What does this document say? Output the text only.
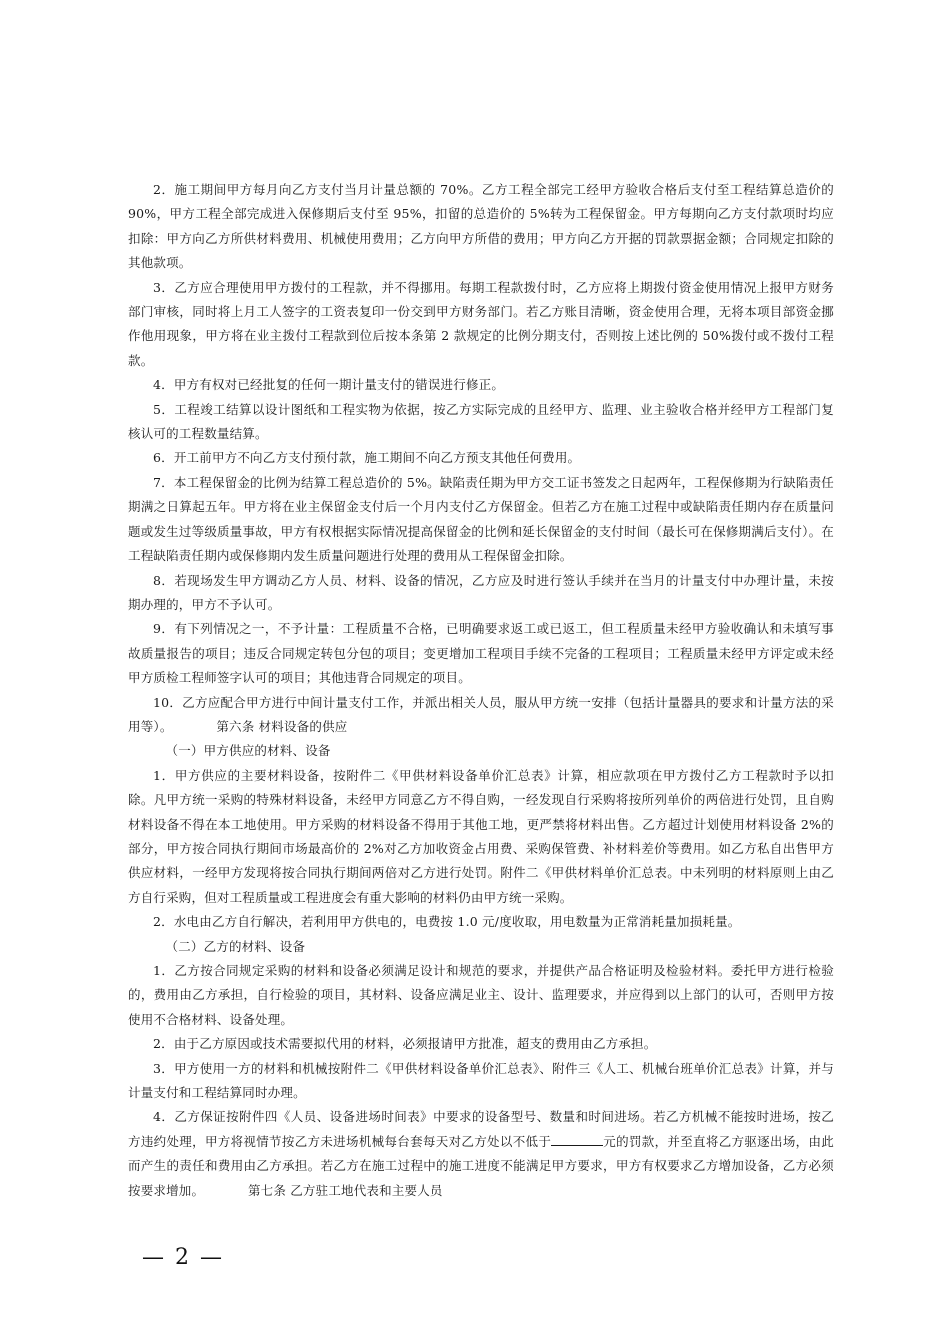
2．施工期间甲方每月向乙方支付当月计量总额的 70%。乙方工程全部完工经甲方验收合格后支付至工程结算总造价的 90%，甲方工程全部完成进入保修期后支付至 95%，扣留的总造价的 5%转为工程保留金。甲方每期向乙方支付款项时均应扣除：甲方向乙方所供材料费用、机械使用费用；乙方向甲方所借的费用；甲方向乙方开据的罚款票据金额；合同规定扣除的其他款项。

3．乙方应合理使用甲方拨付的工程款，并不得挪用。每期工程款拨付时，乙方应将上期拨付资金使用情况上报甲方财务部门审核，同时将上月工人签字的工资表复印一份交到甲方财务部门。若乙方账目清晰，资金使用合理，无将本项目部资金挪作他用现象，甲方将在业主拨付工程款到位后按本条第 2 款规定的比例分期支付，否则按上述比例的 50%拨付或不拨付工程款。

4．甲方有权对已经批复的任何一期计量支付的错误进行修正。

5．工程竣工结算以设计图纸和工程实物为依据，按乙方实际完成的且经甲方、监理、业主验收合格并经甲方工程部门复核认可的工程数量结算。

6．开工前甲方不向乙方支付预付款，施工期间不向乙方预支其他任何费用。

7．本工程保留金的比例为结算工程总造价的 5%。缺陷责任期为甲方交工证书签发之日起两年，工程保修期为行缺陷责任期满之日算起五年。甲方将在业主保留金支付后一个月内支付乙方保留金。但若乙方在施工过程中或缺陷责任期内存在质量问题或发生过等级质量事故，甲方有权根据实际情况提高保留金的比例和延长保留金的支付时间（最长可在保修期满后支付）。在工程缺陷责任期内或保修期内发生质量问题进行处理的费用从工程保留金扣除。

8．若现场发生甲方调动乙方人员、材料、设备的情况，乙方应及时进行签认手续并在当月的计量支付中办理计量，未按期办理的，甲方不予认可。

9．有下列情况之一，不予计量：工程质量不合格，已明确要求返工或已返工，但工程质量未经甲方验收确认和未填写事故质量报告的项目；违反合同规定转包分包的项目；变更增加工程项目手续不完备的工程项目；工程质量未经甲方评定或未经甲方质检工程师签字认可的项目；其他违背合同规定的项目。

10．乙方应配合甲方进行中间计量支付工作，并派出相关人员，服从甲方统一安排（包括计量器具的要求和计量方法的采用等）。	第六条 材料设备的供应

（一）甲方供应的材料、设备

1．甲方供应的主要材料设备，按附件二《甲供材料设备单价汇总表》计算，相应款项在甲方拨付乙方工程款时予以扣除。凡甲方统一采购的特殊材料设备，未经甲方同意乙方不得自购，一经发现自行采购将按所列单价的两倍进行处罚，且自购材料设备不得在本工地使用。甲方采购的材料设备不得用于其他工地，更严禁将材料出售。乙方超过计划使用材料设备 2%的部分，甲方按合同执行期间市场最高价的 2%对乙方加收资金占用费、采购保管费、补材料差价等费用。如乙方私自出售甲方供应材料，一经甲方发现将按合同执行期间两倍对乙方进行处罚。附件二《甲供材料单价汇总表。中未列明的材料原则上由乙方自行采购，但对工程质量或工程进度会有重大影响的材料仍由甲方统一采购。

2．水电由乙方自行解决，若利用甲方供电的，电费按 1.0 元/度收取，用电数量为正常消耗量加损耗量。

（二）乙方的材料、设备

1．乙方按合同规定采购的材料和设备必须满足设计和规范的要求，并提供产品合格证明及检验材料。委托甲方进行检验的，费用由乙方承担，自行检验的项目，其材料、设备应满足业主、设计、监理要求，并应得到以上部门的认可，否则甲方按使用不合格材料、设备处理。

2．由于乙方原因或技术需要拟代用的材料，必须报请甲方批准，超支的费用由乙方承担。

3．甲方使用一方的材料和机械按附件二《甲供材料设备单价汇总表》、附件三《人工、机械台班单价汇总表》计算，并与计量支付和工程结算同时办理。

4．乙方保证按附件四《人员、设备进场时间表》中要求的设备型号、数量和时间进场。若乙方机械不能按时进场，按乙方违约处理，甲方将视情节按乙方未进场机械每台套每天对乙方处以不低于	元的罚款，并至直将乙方驱逐出场，由此而产生的责任和费用由乙方承担。若乙方在施工过程中的施工进度不能满足甲方要求，甲方有权要求乙方增加设备，乙方必须按要求增加。	第七条 乙方驻工地代表和主要人员

— 2 —
